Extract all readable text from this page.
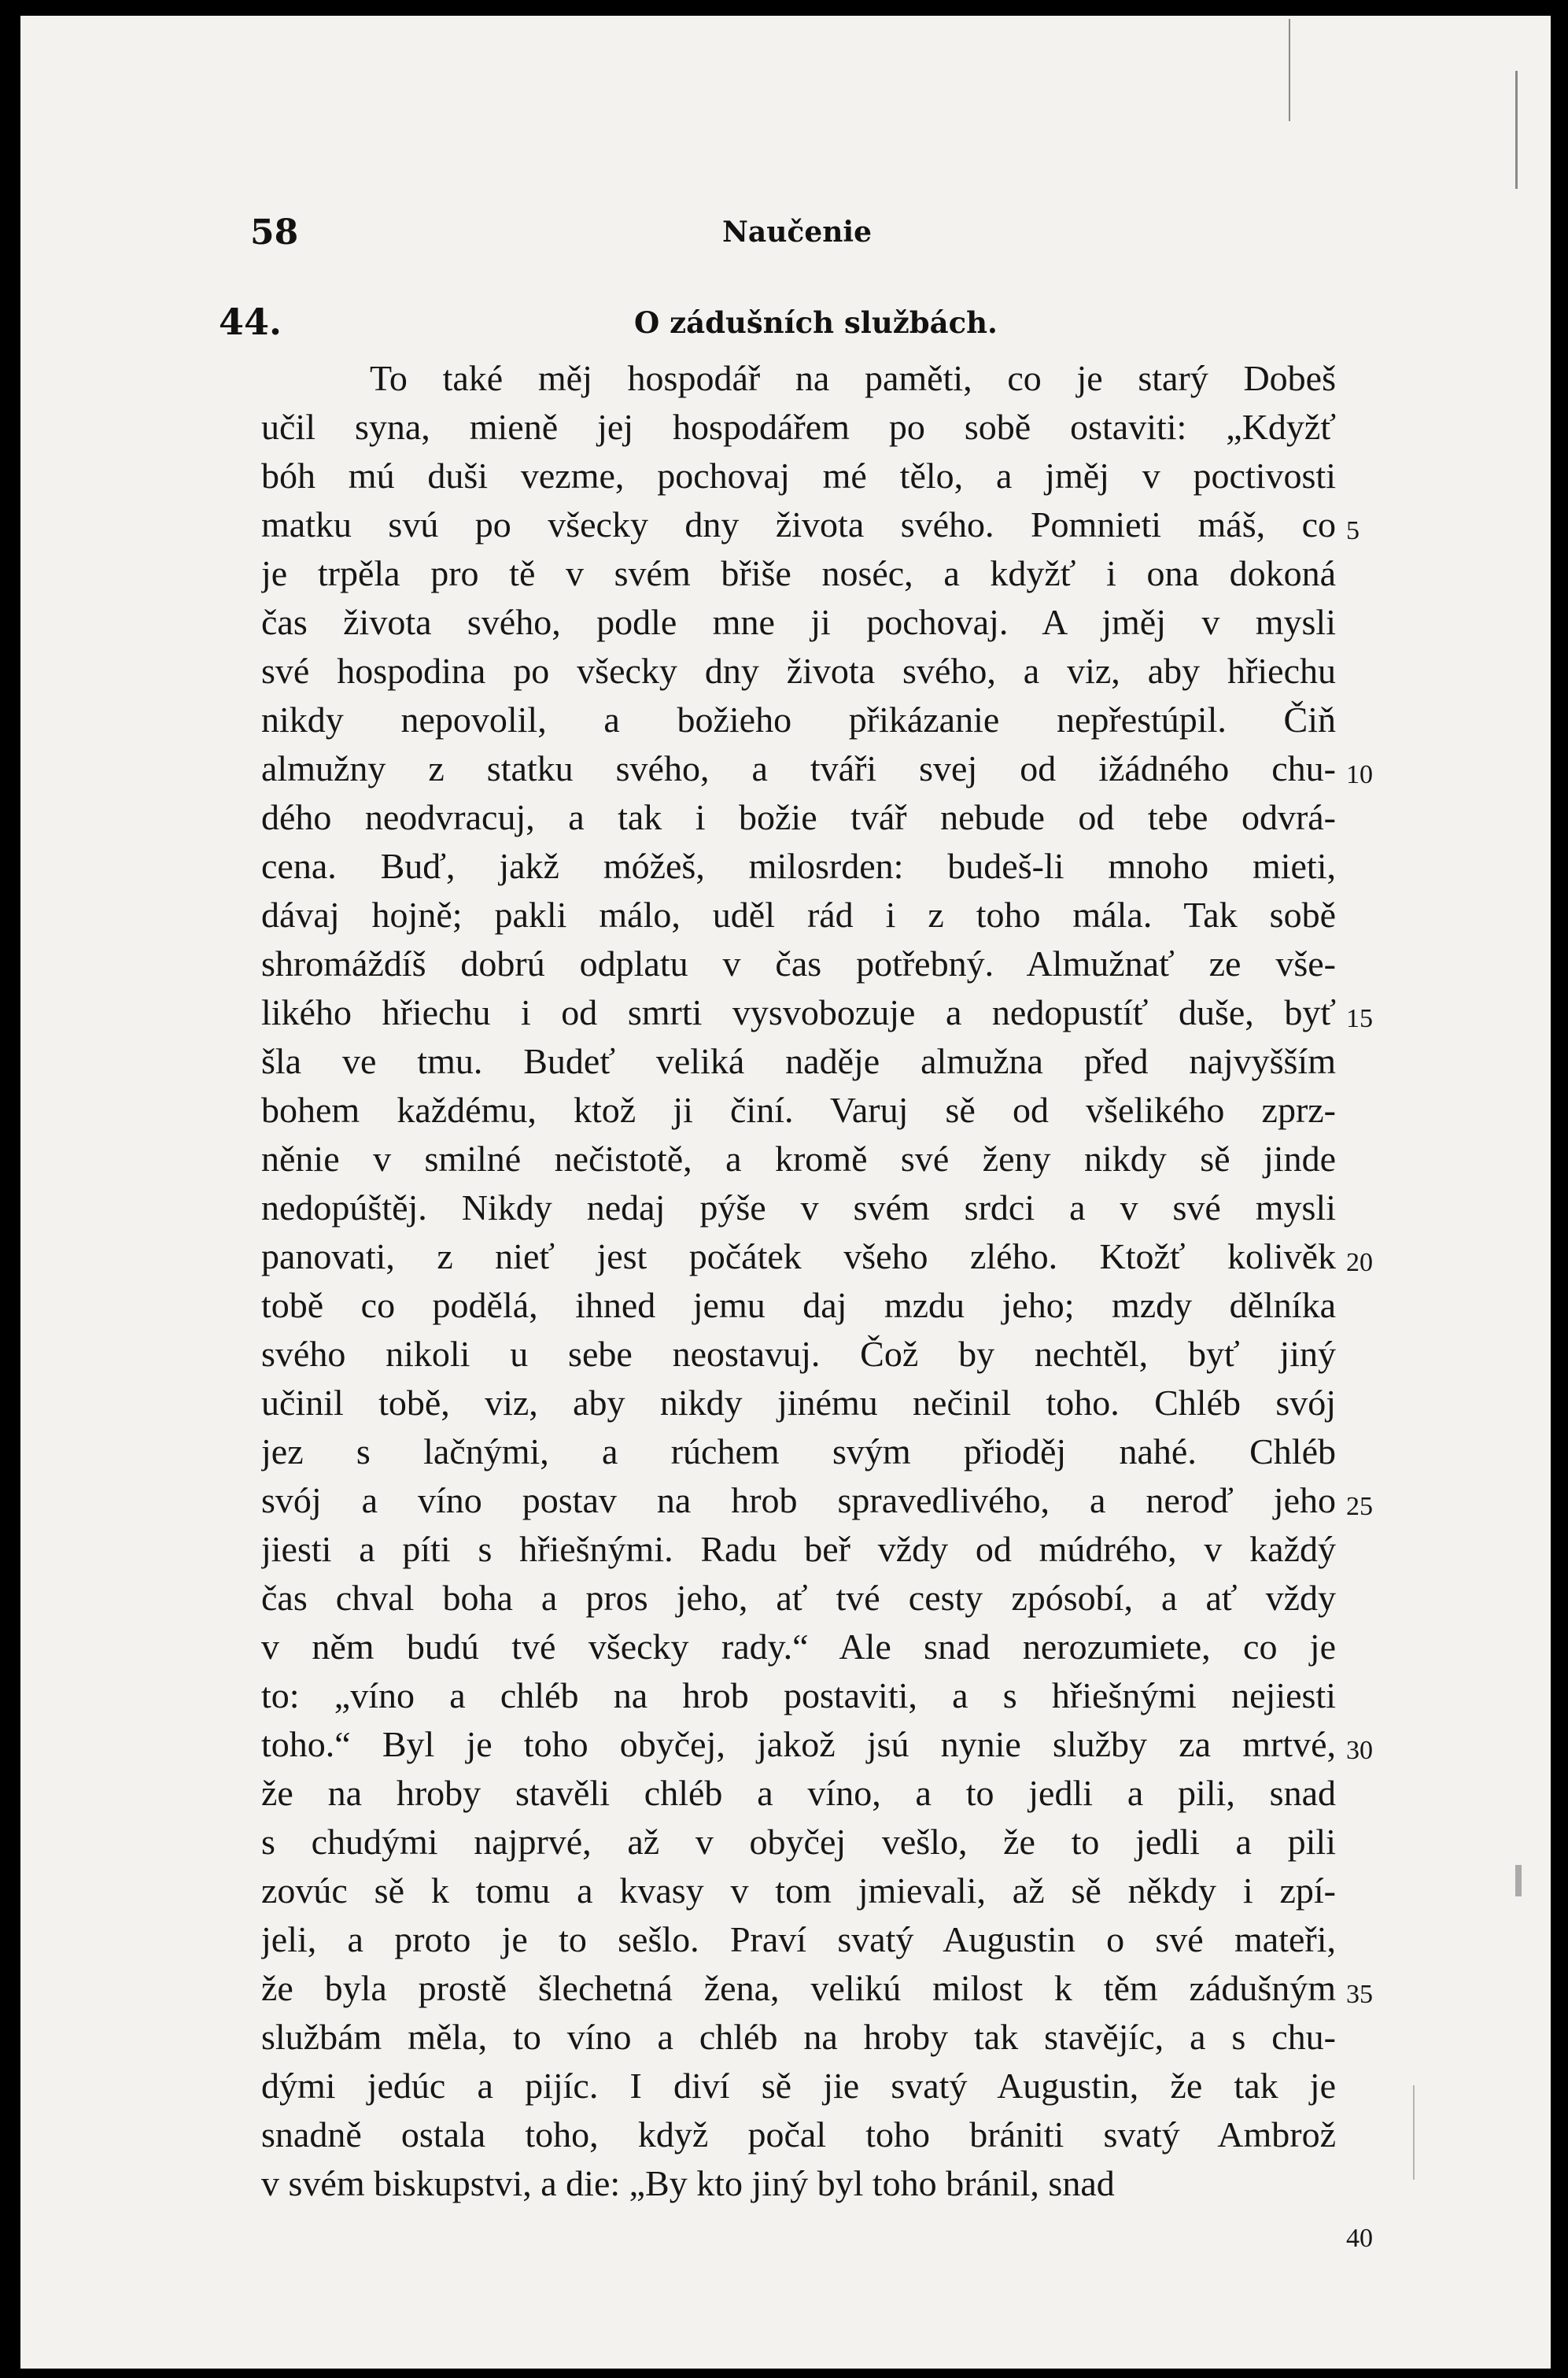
58	Naučenie
44.	O zádušních službách.
To také měj hospodář na paměti, co je starý Dobeš
učil syna, mieně jej hospodářem po sobě ostaviti: „Kdyžť
bóh mú duši vezme, pochovaj mé tělo, a jměj v poctivosti
matku svú po všecky dny života svého. Pomnieti máš, co
je trpěla pro tě v svém břiše noséc, a kdyžť i ona dokoná
čas života svého, podle mne ji pochovaj. A jměj v mysli
své hospodina po všecky dny života svého, a viz, aby hřiechu
nikdy nepovolil, a božieho přikázanie nepřestúpil. Čiň
almužny z statku svého, a tváři svej od ižádného chu-
dého neodvracuj, a tak i božie tvář nebude od tebe odvrá-
cena. Buď, jakž móžeš, milosrden: budeš-li mnoho mieti,
dávaj hojně; pakli málo, uděl rád i z toho mála. Tak sobě
shromáždíš dobrú odplatu v čas potřebný. Almužnať ze vše-
likého hřiechu i od smrti vysvobozuje a nedopustíť duše, byť
šla ve tmu. Budeť veliká naděje almužna před najvyšším
bohem každému, ktož ji činí. Varuj sě od všelikého zprz-
něnie v smilné nečistotě, a kromě své ženy nikdy sě jinde
nedopúštěj. Nikdy nedaj pýše v svém srdci a v své mysli
panovati, z nieť jest počátek všeho zlého. Ktožť kolivěk
tobě co podělá, ihned jemu daj mzdu jeho; mzdy dělníka
svého nikoli u sebe neostavuj. Čož by nechtěl, byť jiný
učinil tobě, viz, aby nikdy jinému nečinil toho. Chléb svój
jez s lačnými, a rúchem svým přioděj nahé. Chléb
svój a víno postav na hrob spravedlivého, a neroď jeho
jiesti a píti s hřiešnými. Radu beř vždy od múdrého, v každý
čas chval boha a pros jeho, ať tvé cesty zpósobí, a ať vždy
v něm budú tvé všecky rady.“ Ale snad nerozumiete, co je
to: „víno a chléb na hrob postaviti, a s hřiešnými nejiesti
toho.“ Byl je toho obyčej, jakož jsú nynie služby za mrtvé,
že na hroby stavěli chléb a víno, a to jedli a pili, snad
s chudými najprvé, až v obyčej vešlo, že to jedli a pili
zovúc sě k tomu a kvasy v tom jmievali, až sě někdy i zpí-
jeli, a proto je to sešlo. Praví svatý Augustin o své mateři,
že byla prostě šlechetná žena, velikú milost k těm zádušným
službám měla, to víno a chléb na hroby tak stavějíc, a s chu-
dými jedúc a pijíc. I diví sě jie svatý Augustin, že tak je
snadně ostala toho, když počal toho brániti svatý Ambrož
v svém biskupstvi, a die: „By kto jiný byl toho bránil, snad
5
10
15
20
25
30
35
40
